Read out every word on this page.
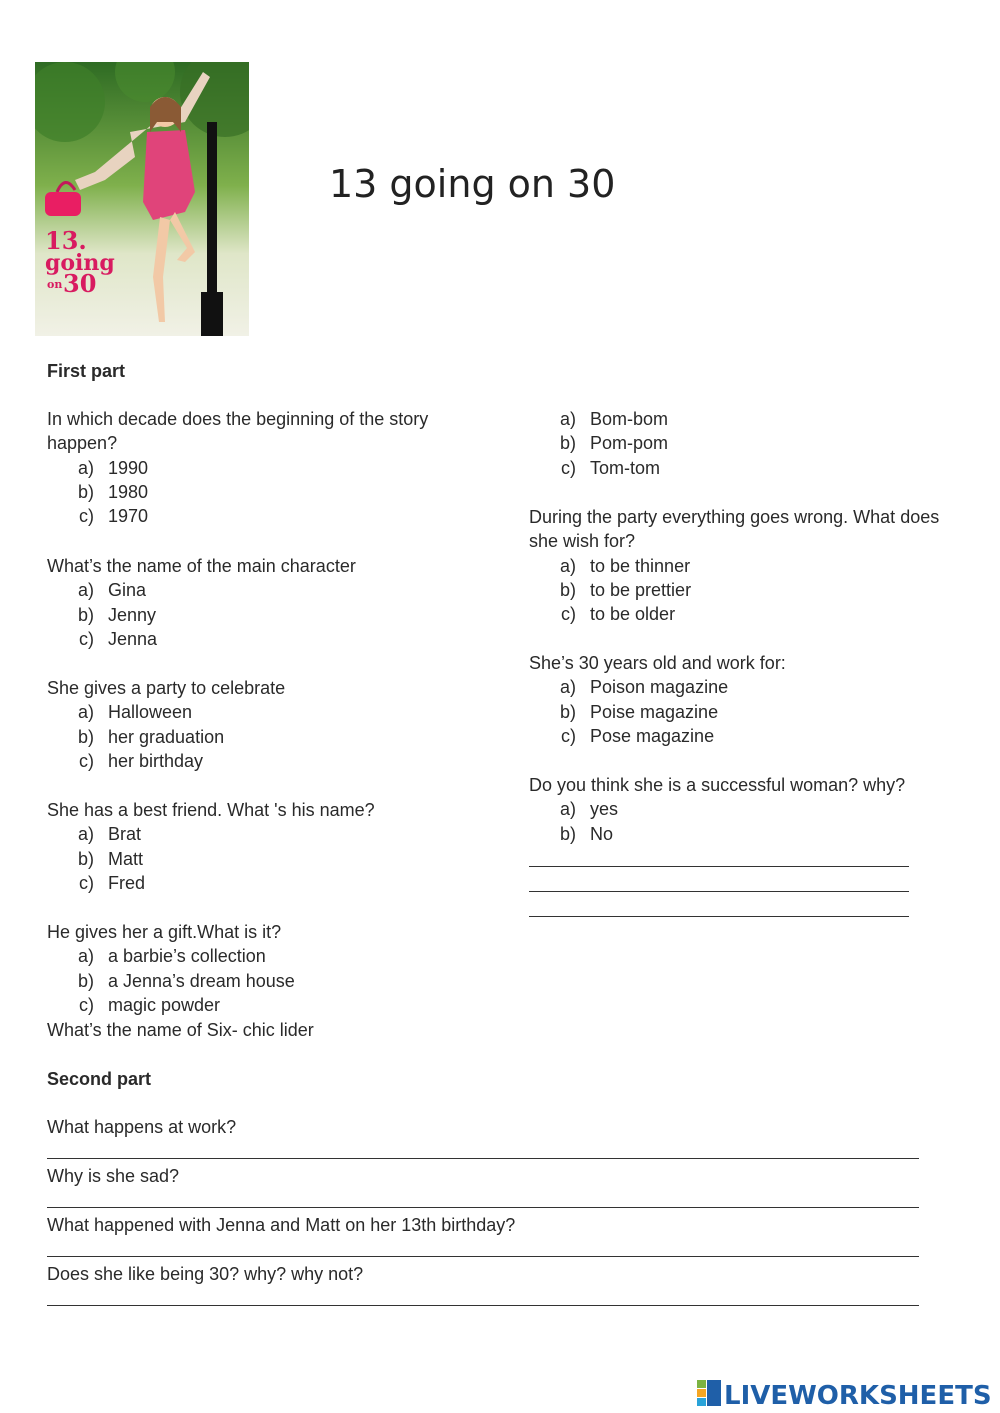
13.
going
on 30
13 going on 30
First part
In which decade does the beginning of the story
happen?
a) 1990
b) 1980
c) 1970
What’s the name of the main character
a) Gina
b) Jenny
c) Jenna
She gives a party to celebrate
a) Halloween
b) her graduation
c) her birthday
She has a best friend. What 's his name?
a) Brat
b) Matt
c) Fred
He gives her a gift.What is it?
a) a barbie’s collection
b) a Jenna’s dream house
c) magic powder
What’s the name of Six- chic lider
a) Bom-bom
b) Pom-pom
c) Tom-tom
During the party everything goes wrong. What does
she wish for?
a) to be thinner
b) to be prettier
c) to be older
She’s 30 years old and work for:
a) Poison magazine
b) Poise magazine
c) Pose magazine
Do you think she is a successful woman? why?
a) yes
b) No
Second part
What happens at work?
Why is she sad?
What happened with Jenna and Matt on her 13th birthday?
Does she like being 30? why? why not?
LIVEWORKSHEETS
